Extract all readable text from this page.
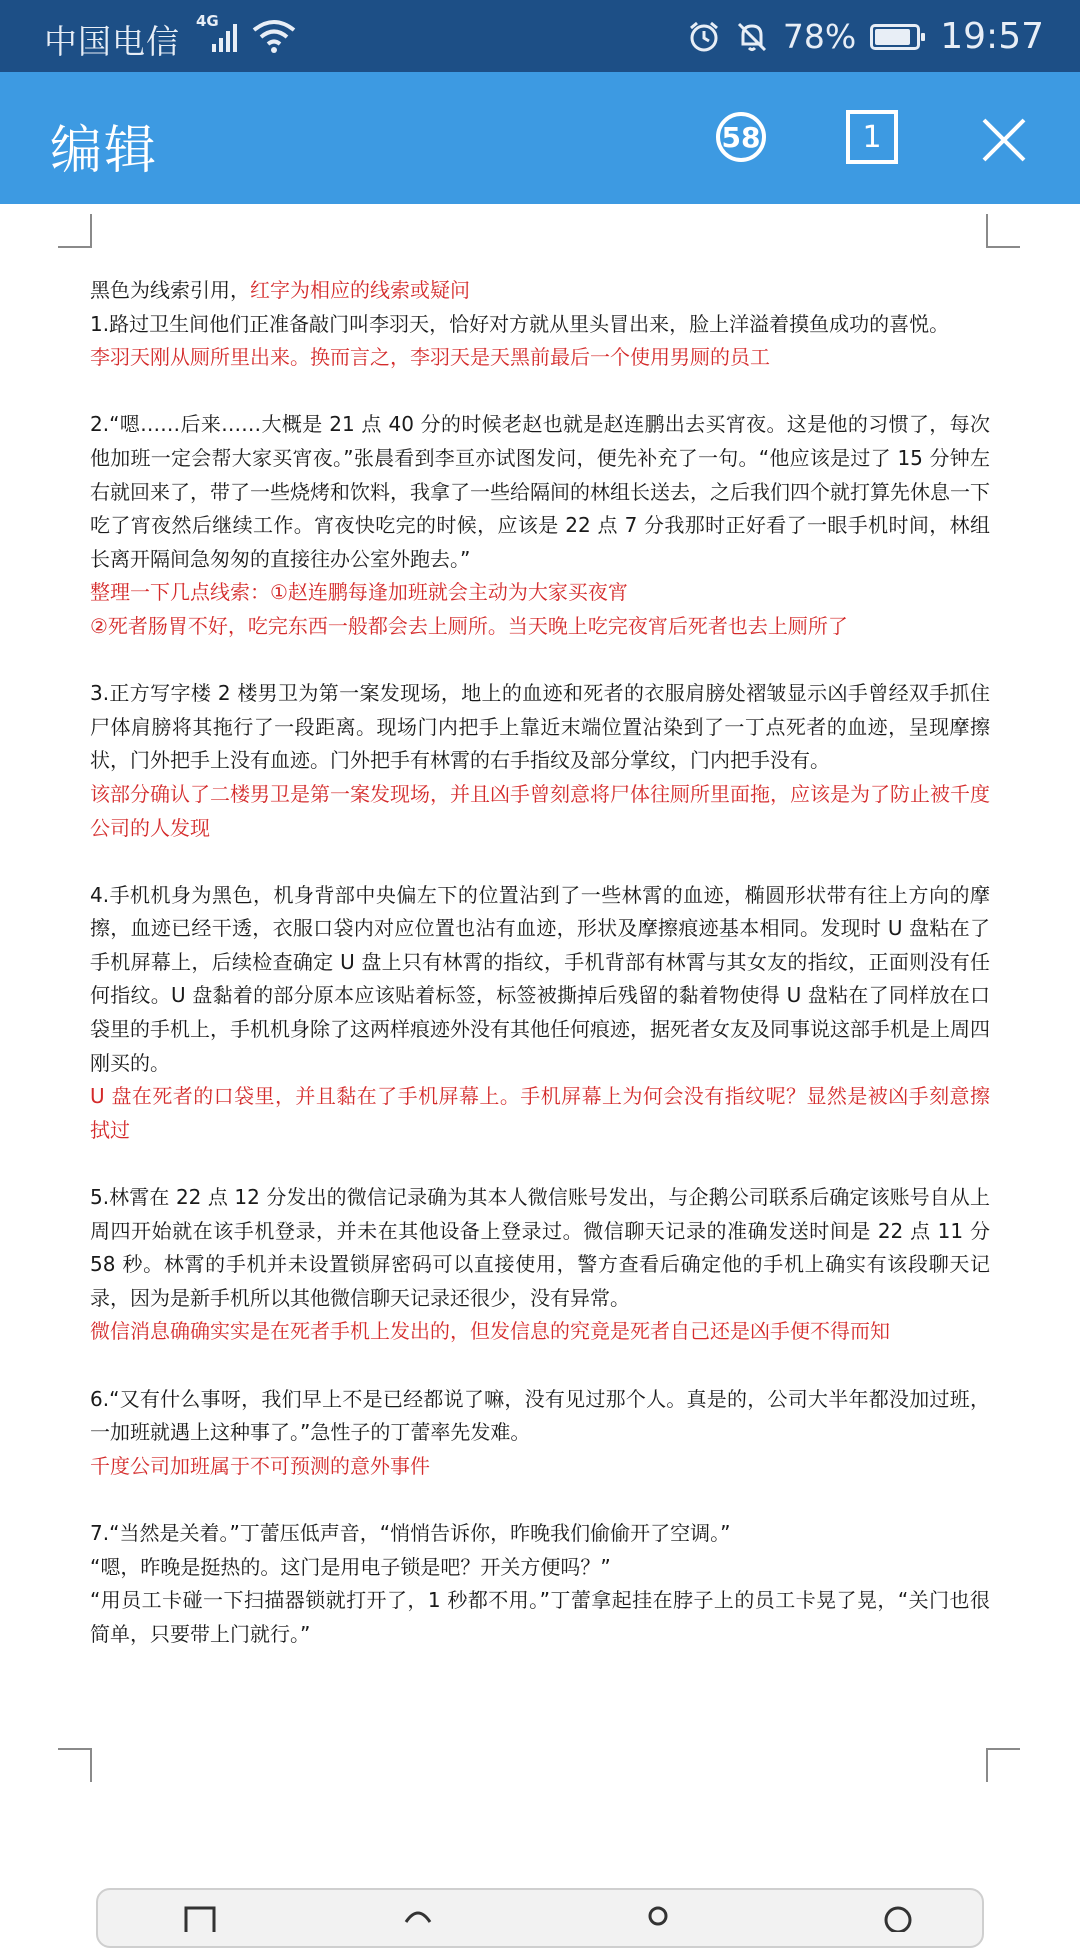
中国电信
4G	78% 19:57
编辑	58	1

黑色为线索引用，红字为相应的线索或疑问

1.路过卫生间他们正准备敲门叫李羽天，恰好对方就从里头冒出来，脸上洋溢着摸鱼成功的喜悦。

李羽天刚从厕所里出来。换而言之，李羽天是天黑前最后一个使用男厕的员工

2.“嗯……后来……大概是 21 点 40 分的时候老赵也就是赵连鹏出去买宵夜。这是他的习惯了，每次他加班一定会帮大家买宵夜。”张晨看到李亘亦试图发问，便先补充了一句。“他应该是过了 15 分钟左右就回来了，带了一些烧烤和饮料，我拿了一些给隔间的林组长送去，之后我们四个就打算先休息一下吃了宵夜然后继续工作。宵夜快吃完的时候，应该是 22 点 7 分我那时正好看了一眼手机时间，林组长离开隔间急匆匆的直接往办公室外跑去。”

整理一下几点线索：①赵连鹏每逢加班就会主动为大家买夜宵

②死者肠胃不好，吃完东西一般都会去上厕所。当天晚上吃完夜宵后死者也去上厕所了

3.正方写字楼 2 楼男卫为第一案发现场，地上的血迹和死者的衣服肩膀处褶皱显示凶手曾经双手抓住尸体肩膀将其拖行了一段距离。现场门内把手上靠近末端位置沾染到了一丁点死者的血迹，呈现摩擦状，门外把手上没有血迹。门外把手有林霄的右手指纹及部分掌纹，门内把手没有。

该部分确认了二楼男卫是第一案发现场，并且凶手曾刻意将尸体往厕所里面拖，应该是为了防止被千度公司的人发现

4.手机机身为黑色，机身背部中央偏左下的位置沾到了一些林霄的血迹，椭圆形状带有往上方向的摩擦，血迹已经干透，衣服口袋内对应位置也沾有血迹，形状及摩擦痕迹基本相同。发现时 U 盘粘在了手机屏幕上，后续检查确定 U 盘上只有林霄的指纹，手机背部有林霄与其女友的指纹，正面则没有任何指纹。U 盘黏着的部分原本应该贴着标签，标签被撕掉后残留的黏着物使得 U 盘粘在了同样放在口袋里的手机上，手机机身除了这两样痕迹外没有其他任何痕迹，据死者女友及同事说这部手机是上周四刚买的。

U 盘在死者的口袋里，并且黏在了手机屏幕上。手机屏幕上为何会没有指纹呢？显然是被凶手刻意擦拭过

5.林霄在 22 点 12 分发出的微信记录确为其本人微信账号发出，与企鹅公司联系后确定该账号自从上周四开始就在该手机登录，并未在其他设备上登录过。微信聊天记录的准确发送时间是 22 点 11 分 58 秒。林霄的手机并未设置锁屏密码可以直接使用，警方查看后确定他的手机上确实有该段聊天记录，因为是新手机所以其他微信聊天记录还很少，没有异常。

微信消息确确实实是在死者手机上发出的，但发信息的究竟是死者自己还是凶手便不得而知

6.“又有什么事呀，我们早上不是已经都说了嘛，没有见过那个人。真是的，公司大半年都没加过班，一加班就遇上这种事了。”急性子的丁蕾率先发难。

千度公司加班属于不可预测的意外事件

7.“当然是关着。”丁蕾压低声音，“悄悄告诉你，昨晚我们偷偷开了空调。”

“嗯，昨晚是挺热的。这门是用电子锁是吧？开关方便吗？”

“用员工卡碰一下扫描器锁就打开了，1 秒都不用。”丁蕾拿起挂在脖子上的员工卡晃了晃，“关门也很简单，只要带上门就行。”
